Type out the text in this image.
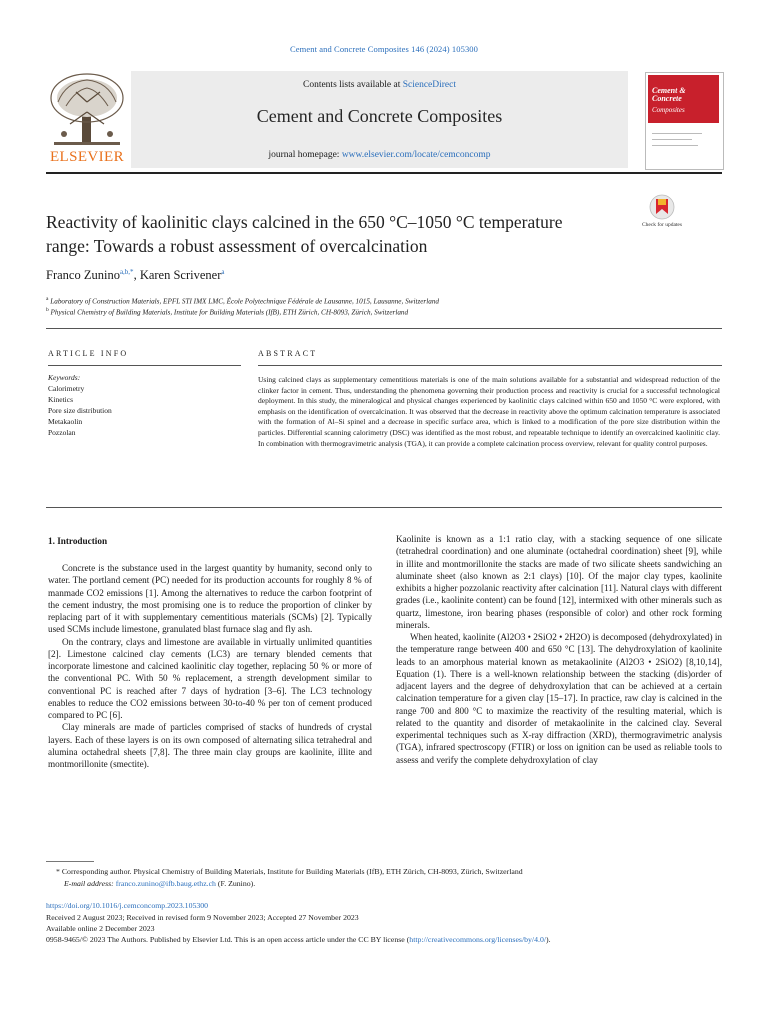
Cement and Concrete Composites 146 (2024) 105300
ELSEVIER
Contents lists available at ScienceDirect
Cement and Concrete Composites
journal homepage: www.elsevier.com/locate/cemconcomp
Cement &
Concrete
Composites
Reactivity of kaolinitic clays calcined in the 650 °C–1050 °C temperature
range: Towards a robust assessment of overcalcination
Check for updates
Franco Zunino$^{a,b,*}$, Karen Scrivener$^a$
$^a$ Laboratory of Construction Materials, EPFL STI IMX LMC, École Polytechnique Fédérale de Lausanne, 1015, Lausanne, Switzerland
$^b$ Physical Chemistry of Building Materials, Institute for Building Materials (IfB), ETH Zürich, CH-8093, Zürich, Switzerland
ARTICLE INFO	ABSTRACT
Keywords:
Calorimetry
Kinetics
Pore size distribution
Metakaolin
Pozzolan
Using calcined clays as supplementary cementitious materials is one of the main solutions available for a substantial and widespread reduction of the clinker factor in cement. Thus, understanding the phenomena governing their production process and reactivity is crucial for a successful technological deployment. In this study, the mineralogical and physical changes experienced by kaolinitic clays calcined within 650 and 1050 °C were explored, with emphasis on the identification of overcalcination. It was observed that the decrease in reactivity above the optimum calcination temperature is associated with the formation of Al–Si spinel and a decrease in specific surface area, which is linked to a modification of the pore size distribution within the particles. Differential scanning calorimetry (DSC) was identified as the most robust, and repeatable technique to identify an overcalcined kaolinitic clay. In combination with thermogravimetric analysis (TGA), it can provide a complete calcination process overview, relevant for quality control purposes.
1. Introduction

Concrete is the substance used in the largest quantity by humanity, second only to water. The portland cement (PC) needed for its production accounts for roughly 8 % of manmade CO2 emissions [1]. Among the alternatives to reduce the carbon footprint of the cement industry, the most promising one is to reduce the proportion of clinker by replacing part of it with supplementary cementitious materials (SCMs) [2]. Typically used SCMs include limestone, granulated blast furnace slag and fly ash.

On the contrary, clays and limestone are available in virtually unlimited quantities [2]. Limestone calcined clay cements (LC3) are ternary blended cements that incorporate limestone and calcined kaolinitic clay together, replacing 50 % or more of the conventional PC. With 50 % replacement, a strength development similar to conventional PC is reached after 7 days of hydration [3–6]. The LC3 technology enables to reduce the CO2 emissions between 30-to-40 % per ton of cement produced compared to PC [6].

Clay minerals are made of particles comprised of stacks of hundreds of crystal layers. Each of these layers is on its own composed of alternating silica tetrahedral and alumina octahedral sheets [7,8]. The three main clay groups are kaolinite, illite and montmorillonite (smectite).

Kaolinite is known as a 1:1 ratio clay, with a stacking sequence of one silicate (tetrahedral coordination) and one aluminate (octahedral coordination) sheet [9], while in illite and montmorillonite the stacks are made of two silicate sheets sandwiching an aluminate sheet (also known as 2:1 clays) [10]. Of the major clay types, kaolinite exhibits a higher pozzolanic reactivity after calcination [11]. Natural clays with different grades (i.e., kaolinite content) can be found [12], intermixed with other minerals such as quartz, limestone, iron bearing phases (responsible of color) and other rock forming minerals.

When heated, kaolinite (Al2O3 • 2SiO2 • 2H2O) is decomposed (dehydroxylated) in the temperature range between 400 and 650 °C [13]. The dehydroxylation of kaolinite leads to an amorphous material known as metakaolinite (Al2O3 • 2SiO2) [8,10,14], Equation (1). There is a well-known relationship between the stacking (dis)order of adjacent layers and the degree of dehydroxylation that can be achieved at a certain calcination temperature for a given clay [15–17]. In practice, raw clay is calcined in the range 700 and 800 °C to maximize the reactivity of the resulting material, which is related to the quantity and disorder of metakaolinite in the calcined clay. Several experimental techniques such as X-ray diffraction (XRD), thermogravimetric analysis (TGA), infrared spectroscopy (FTIR) or loss on ignition can be used as reliable tools to assess and verify the complete dehydroxylation of clay

* Corresponding author. Physical Chemistry of Building Materials, Institute for Building Materials (IfB), ETH Zürich, CH-8093, Zürich, Switzerland
E-mail address: franco.zunino@ifb.baug.ethz.ch (F. Zunino).
https://doi.org/10.1016/j.cemconcomp.2023.105300
Received 2 August 2023; Received in revised form 9 November 2023; Accepted 27 November 2023
Available online 2 December 2023
0958-9465/© 2023 The Authors. Published by Elsevier Ltd. This is an open access article under the CC BY license (http://creativecommons.org/licenses/by/4.0/).
